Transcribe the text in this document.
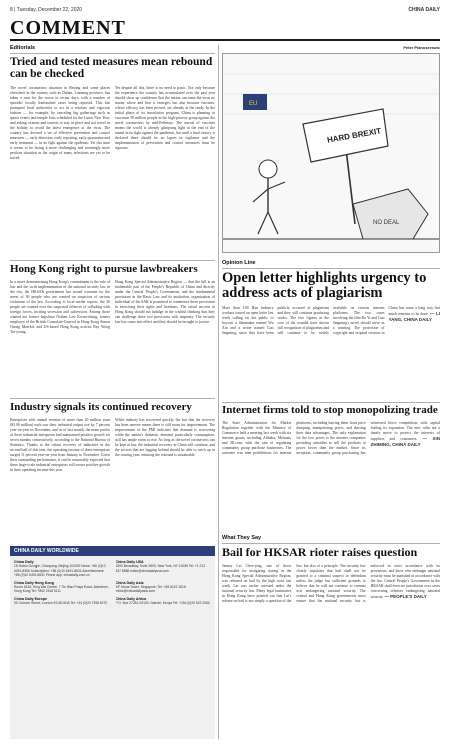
8 | Tuesday, December 22, 2020	CHINA DAILY
COMMENT
Editorials
Tried and tested measures mean rebound can be checked
The novel coronavirus situation in Beijing and some places elsewhere in the country such as Dalian, Liaoning province, has taken a turn for the worse in recent days, with a number of sporadic locally transmitted cases being reported. This has prompted local authorities to act in a resolute and vigorous fashion — for example, by canceling big gatherings such as sports events and temple fairs scheduled for the Lunar New Year, and asking citizens and tourists to stay in place and not travel in the holiday to avoid the latest emergence of the virus. The country has devised a set of effective prevention and control measures — early detection, early reporting, early quarantine and early treatment — in its fight against the epidemic. Yet this time it seems to be facing a more challenging and seemingly more perilous situation as the origin of many infections are yet to be traced.
Yet despite all this, there is no need to panic. Not only because the experience the country has accumulated over the past year should show up confidence that the nation can tame the virus no matter where and how it emerges, but also because vaccines, whose efficacy has been proved, are already at the ready. In the initial phase of its inoculation program, China is planning to vaccinate 50 million people in the high-priority group against the novel coronavirus by mid-February. The arrival of vaccines means the world is already glimpsing light at the end of the tunnel in its fight against the pandemic, but until a final victory is declared there should be no lapses in vigilance and the implementation of prevention and control measures must be rigorous.
Peter Pianoserswic
HARD BREXIT
NO DEAL
EU
Hong Kong right to pursue lawbreakers
In a move demonstrating Hong Kong's commitment to the rule of law and the swift implementation of the national security law in the city, the HKSAR government has issued warrants for the arrest of 30 people who are wanted on suspicion of serious violations of the law. According to local media reports, the 30 people are wanted over the suspected offences of colluding with foreign forces, inciting secession and subversion. Among those wanted are former legislator Nathan Law Kwun-chung, former employee of the British Consulate-General in Hong Kong Simon Cheng Man-kit, and US-based Hong Kong activist Ray Wong Toi-yeung.
Hong Kong Special Administrative Region — that the bill is an inalienable part of the People's Republic of China and directly under the Central People's Government, and the fundamental provisions in the Basic Law and its institution, organization of individual of the SAR is permitted to commence these provisions in exercising their rights and freedoms. The actual success in Hong Kong should not indulge in the wishful thinking that they can challenge these two provisions with impunity. The security law has come into effect and they should be brought to justice.
Opinion Line
Open letter highlights urgency to address acts of plagiarism
More than 100 Han industry workers issued an open letter last week calling on the public to boycott a filmmaker named Wu Xin and a writer named Guo Jingming, since they have been publicly accused of plagiarism and they still continue producing works. The five figures at the core of the scandal have shown full recognition of plagiarism and will continue to be widely available on various internet platforms. The two cases involving the film Ru Yi and Guo Jingming's novel should serve as a warning. The protection of copyright and original creators in China has come a long way, but much remains to be done. — LI YANG, CHINA DAILY
Industry signals its continued recovery
Enterprises with annual revenue of more than 20 million yuan ($3.06 million) each saw their industrial output rise by 7 percent year-on-year in November, and as of last month, the main profits of these industrial enterprises had maintained positive growth for seven months consecutively, according to the National Bureau of Statistics. Thanks to the robust recovery of industries in the second half of this year, the operating income of these enterprises surged 11 percent year-on-year from January to November. Given their outstanding performance, it can be reasonably expected that these large-scale industrial enterprises will secure positive growth in their operating income this year.
While industry has recovered quickly, the fact that the recovery has been uneven means there is still room for improvement. The improvement in the PMI indicates that demand is recovering while the nation's domestic demand, particularly consumption, still has ample room to rise. As long as the novel coronavirus can be kept at bay, the industrial recovery in China will continue, and the sectors that are lagging behind should be able to catch up in the coming year, ensuring the rebound is sustainable.
Internet firms told to stop monopolizing trade
The State Administration for Market Regulation together with the Ministry of Commerce held a meeting last week with six internet giants, including Alibaba, Meituan, and JD.com, with the aim of regulating community group purchase businesses. The outcome was nine prohibitions for internet platforms, including barring them from price dumping, manipulating prices, and abusing their data advantages. The only explanation for the low prices is the internet companies providing subsidies to sell the products at prices lower than the market. Since its inception, community group purchasing has witnessed fierce competition, with capital fueling its expansion. The new rules are a timely move to protect the interests of suppliers and consumers. — XIN ZHIMING, CHINA DAILY
What They Say
Bail for HKSAR rioter raises question
Jimmy Lai Chee-ying, one of those responsible for instigating rioting in the Hong Kong Special Administrative Region, was released on bail by the high court last week. Lai was earlier arrested under the national security law. Many legal luminaries in Hong Kong have pointed out that Lai's release on bail is not simply a question of the law, but also of a principle. The security law clearly stipulates that bail shall not be granted to a criminal suspect or defendant unless the judge has sufficient grounds to believe that he will not continue to commit acts endangering national security. The central and Hong Kong governments must ensure that the national security law is enforced in strict accordance with its provisions, and those who endanger national security must be punished in accordance with the law. Central People's Government in the HKSAR shall exercise jurisdiction over cases concerning offenses endangering national security. — PEOPLE'S DAILY
CHINA DAILY WORLDWIDE
China Daily
15 Huixin Dongjie, Chaoyang, Beijing 100029 News: +86 (0)10 6491-8366 Subscription: +86 (0)10 6491-8631 Advertisement: +86 (0)10 6491-8631 Phone app: chinadaily.com.cn
China Daily USA
1500 Broadway, Suite 2800, New York, NY 10036 Tel: +1 212 537 8888 editor@chinadailyusa.com
China Daily Hong Kong
Room 1818, Hing Wai Centre, 7 Tin Wan Praya Road, Aberdeen, Hong Kong Tel: +852 2518 5111
China Daily Asia
9/F Mona Tower, Singapore; Tel: +65 6222 1818 editor@chinadailyasia.com
China Daily Europe
90 Cannon Street, London EC4N 6HA Tel: +44 (0)20 7398 8270
China Daily Africa
P.O. Box 27281-00100, Nairobi, Kenya Tel: +254 (0)20 522 2080
